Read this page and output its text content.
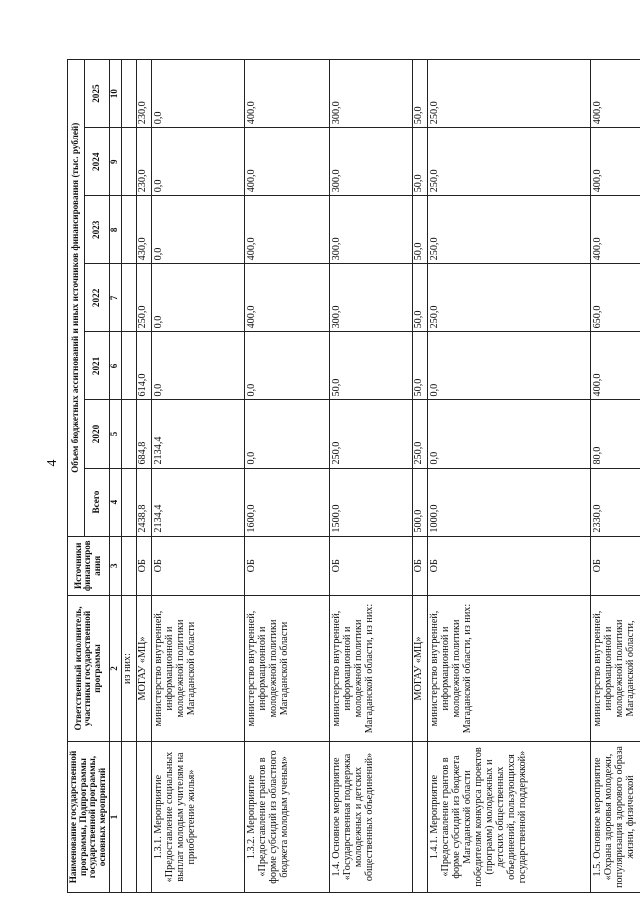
4
Наименование государственной программы, Подпрограммы государственной программы, основных мероприятий	Ответственный исполнитель, участники государственной программы	Источники финансиров ания	Объем бюджетных ассигнований и иных источников финансирования (тыс. рублей)						
			Всего	2020	2021	2022	2023	2024	2025
1	2	3	4	5	6	7	8	9	10
	из них:								
	МОГАУ «МЦ»	ОБ	2438,8	684,8	614,0	250,0	430,0	230,0	230,0
1.3.1. Мероприятие «Предоставление социальных выплат молодым учителям на приобретение жилья»	министерство внутренней, информационной и молодежной политики Магаданской области	ОБ	2134,4	2134,4	0,0	0,0	0,0	0,0	0,0
1.3.2. Мероприятие «Предоставление грантов в форме субсидий из областного бюджета молодым ученым»	министерство внутренней, информационной и молодежной политики Магаданской области	ОБ	1600,0	0,0	0,0	400,0	400,0	400,0	400,0
1.4. Основное мероприятие «Государственная поддержка молодежных и детских общественных объединений»	министерство внутренней, информационной и молодежной политики Магаданской области, из них:	ОБ	1500,0	250,0	50,0	300,0	300,0	300,0	300,0
	МОГАУ «МЦ»	ОБ	500,0	250,0	50,0	50,0	50,0	50,0	50,0
1.4.1. Мероприятие «Предоставление грантов в форме субсидий из бюджета Магаданской области победителям конкурса проектов (программ) молодежных и детских общественных объединений, пользующихся государственной поддержкой»	министерство внутренней, информационной и молодежной политики Магаданской области, из них:	ОБ	1000,0	0,0	0,0	250,0	250,0	250,0	250,0
1.5. Основное мероприятие «Охрана здоровья молодежи, популяризация здорового образа жизни, физической	министерство внутренней, информационной и молодежной политики Магаданской области,	ОБ	2330,0	80,0	400,0	650,0	400,0	400,0	400,0
